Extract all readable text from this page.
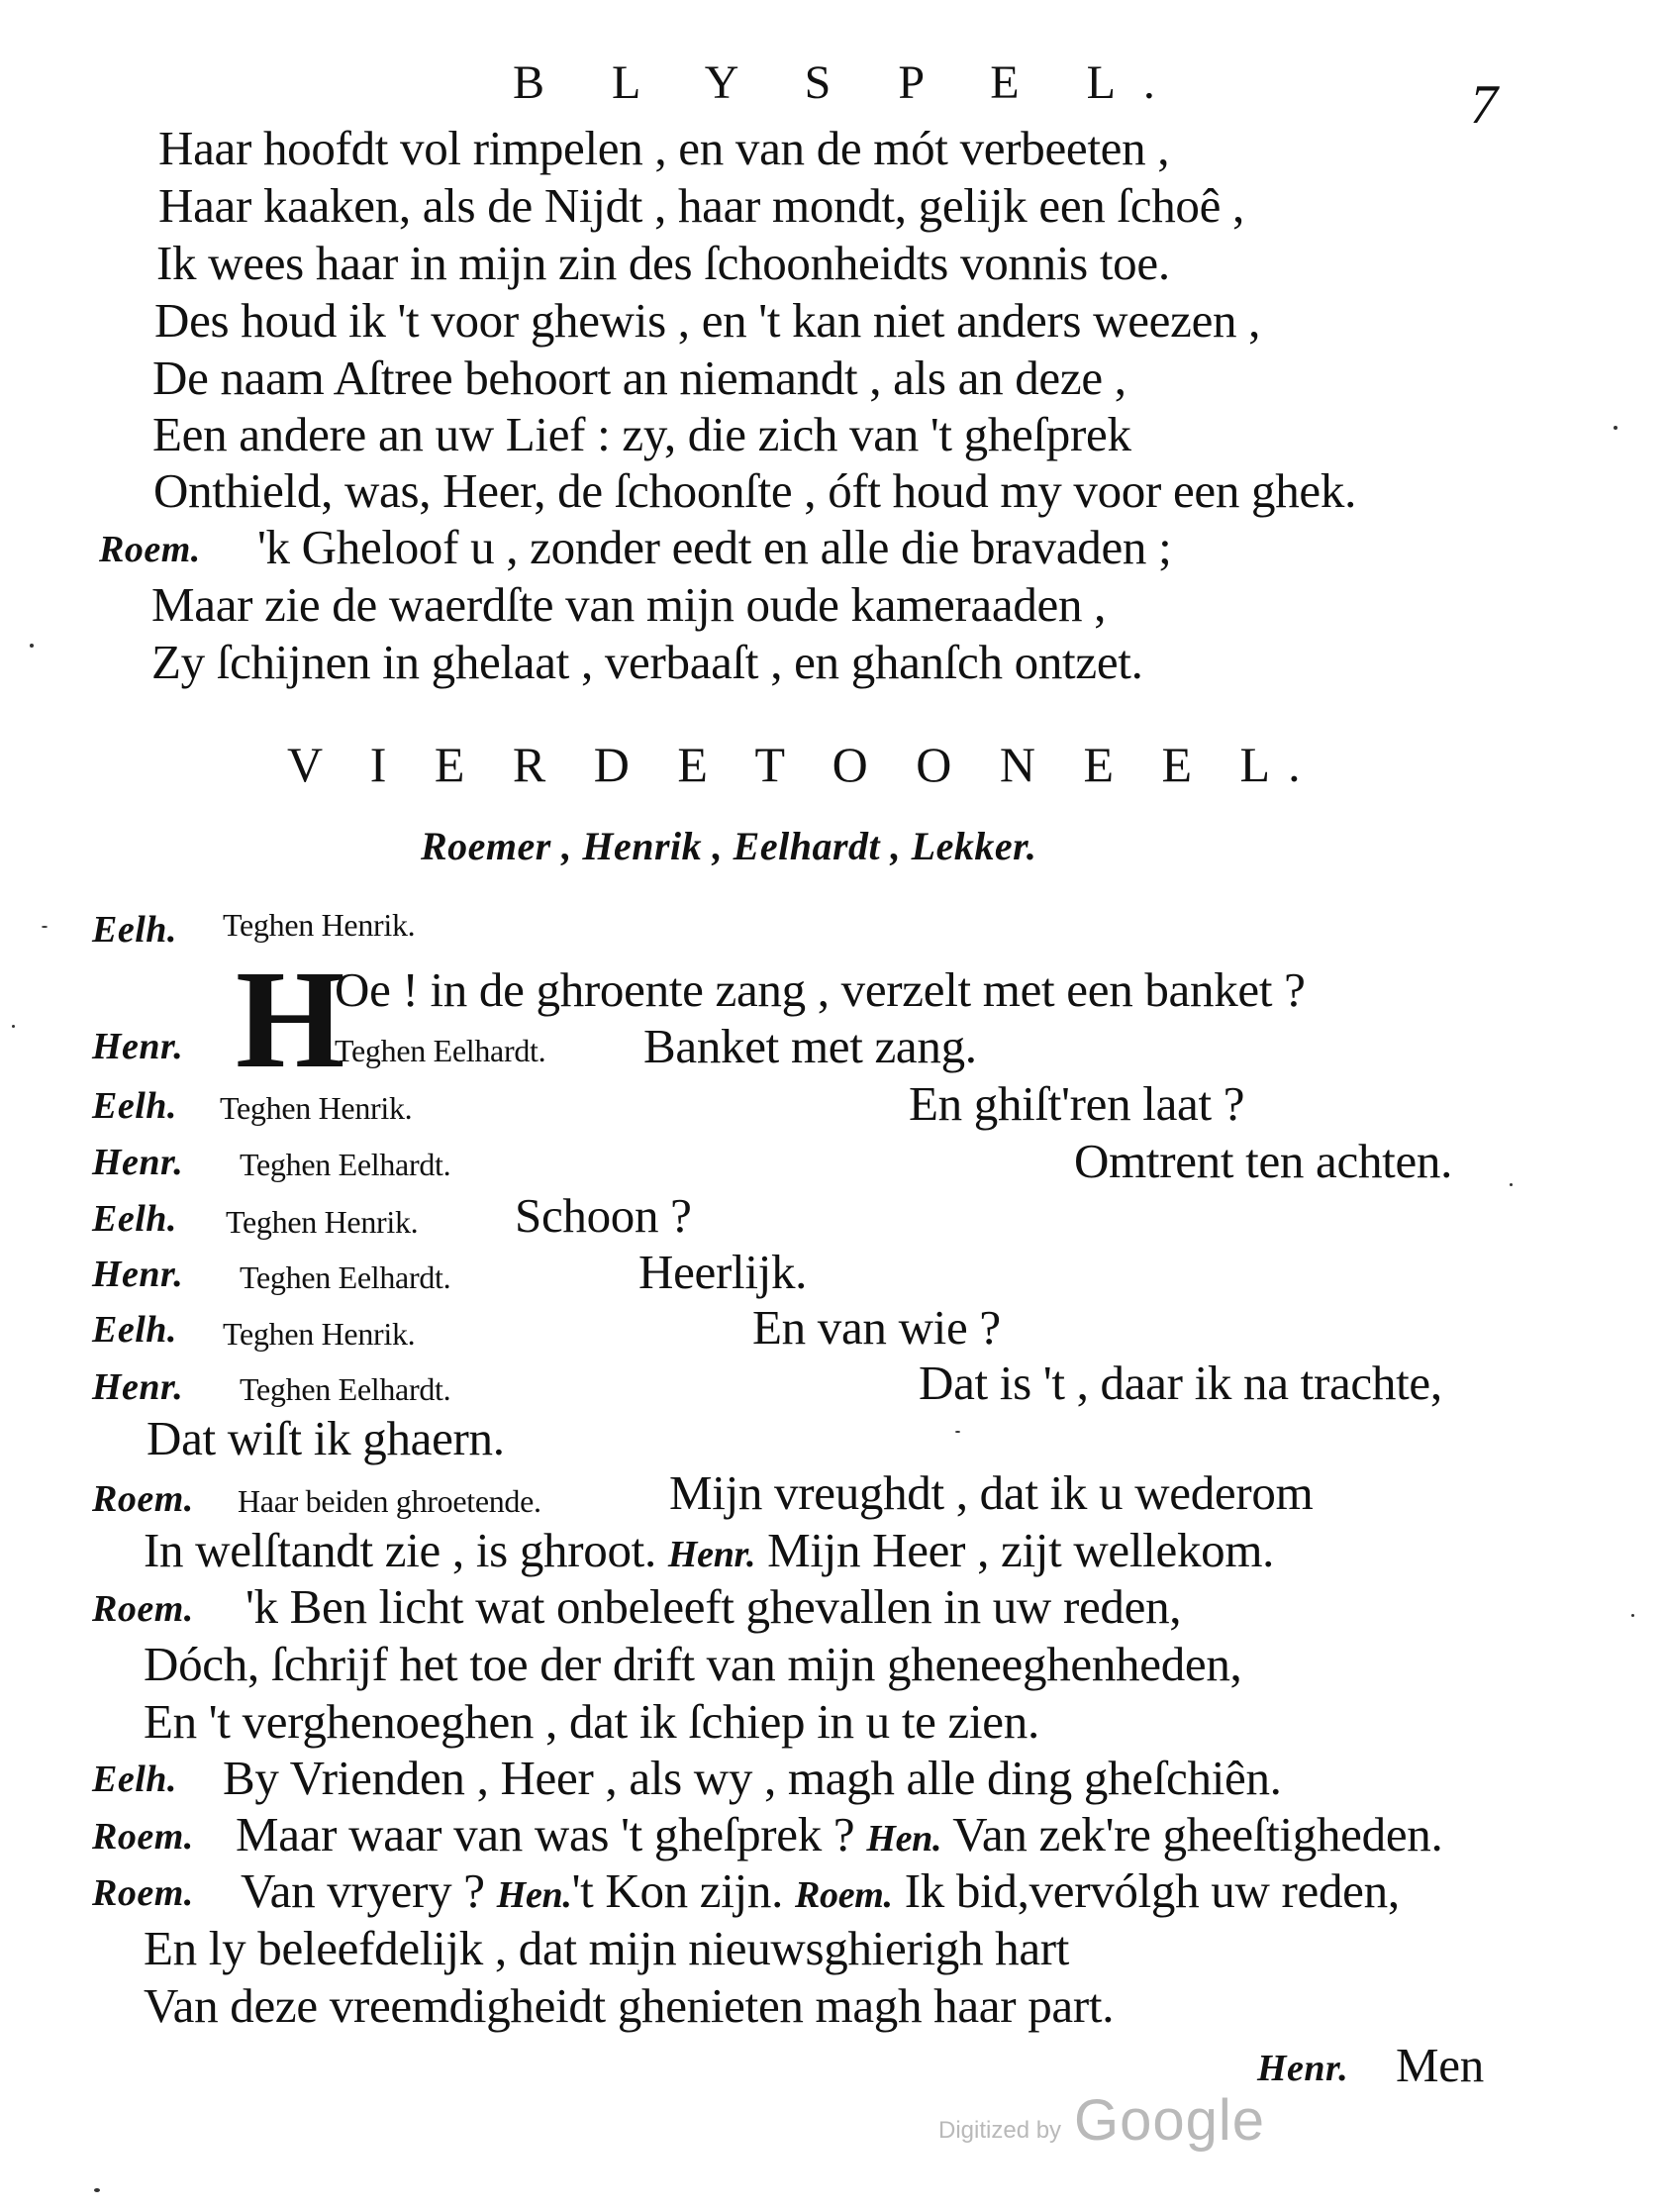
B L Y S P E L.	7
Haar hoofdt vol rimpelen , en van de mót verbeeten ,
Haar kaaken, als de Nijdt , haar mondt, gelijk een ſchoê ,
Ik wees haar in mijn zin des ſchoonheidts vonnis toe.
Des houd ik 't voor ghewis , en 't kan niet anders weezen ,
De naam Aſtree behoort an niemandt , als an deze ,
Een andere an uw Lief : zy, die zich van 't gheſprek
Onthield, was, Heer, de ſchoonſte , óft houd my voor een ghek.
Roem. 'k Gheloof u , zonder eedt en alle die bravaden ;
Maar zie de waerdſte van mijn oude kameraaden ,
Zy ſchijnen in ghelaat , verbaaſt , en ghanſch ontzet.
V I E R D E T O O N E E L.
Roemer , Henrik , Eelhardt , Lekker.
Eelh. Teghen Henrik.
H
Oe ! in de ghroente zang , verzelt met een banket ?
Henr.	Teghen Eelhardt. Banket met zang.
Eelh. Teghen Henrik.	En ghiſt'ren laat ?
Henr. Teghen Eelhardt.	Omtrent ten achten.
Eelh. Teghen Henrik. Schoon ?
Henr. Teghen Eelhardt.	Heerlijk.
Eelh. Teghen Henrik.	En van wie ?
Henr. Teghen Eelhardt.	Dat is 't , daar ik na trachte,
Dat wiſt ik ghaern.
Roem. Haar beiden ghroetende.	Mijn vreughdt , dat ik u wederom
In welſtandt zie , is ghroot. Henr. Mijn Heer , zijt wellekom.
Roem. 'k Ben licht wat onbeleeft ghevallen in uw reden,
Dóch, ſchrijf het toe der drift van mijn gheneeghenheden,
En 't verghenoeghen , dat ik ſchiep in u te zien.
Eelh. By Vrienden , Heer , als wy , magh alle ding gheſchiên.
Roem. Maar waar van was 't gheſprek ? Hen. Van zek're gheeſtigheden.
Roem. Van vryery ? Hen.'t Kon zijn. Roem. Ik bid,vervólgh uw reden,
En ly beleefdelijk , dat mijn nieuwsghierigh hart
Van deze vreemdigheidt ghenieten magh haar part.
Henr. Men
Digitized by Google
